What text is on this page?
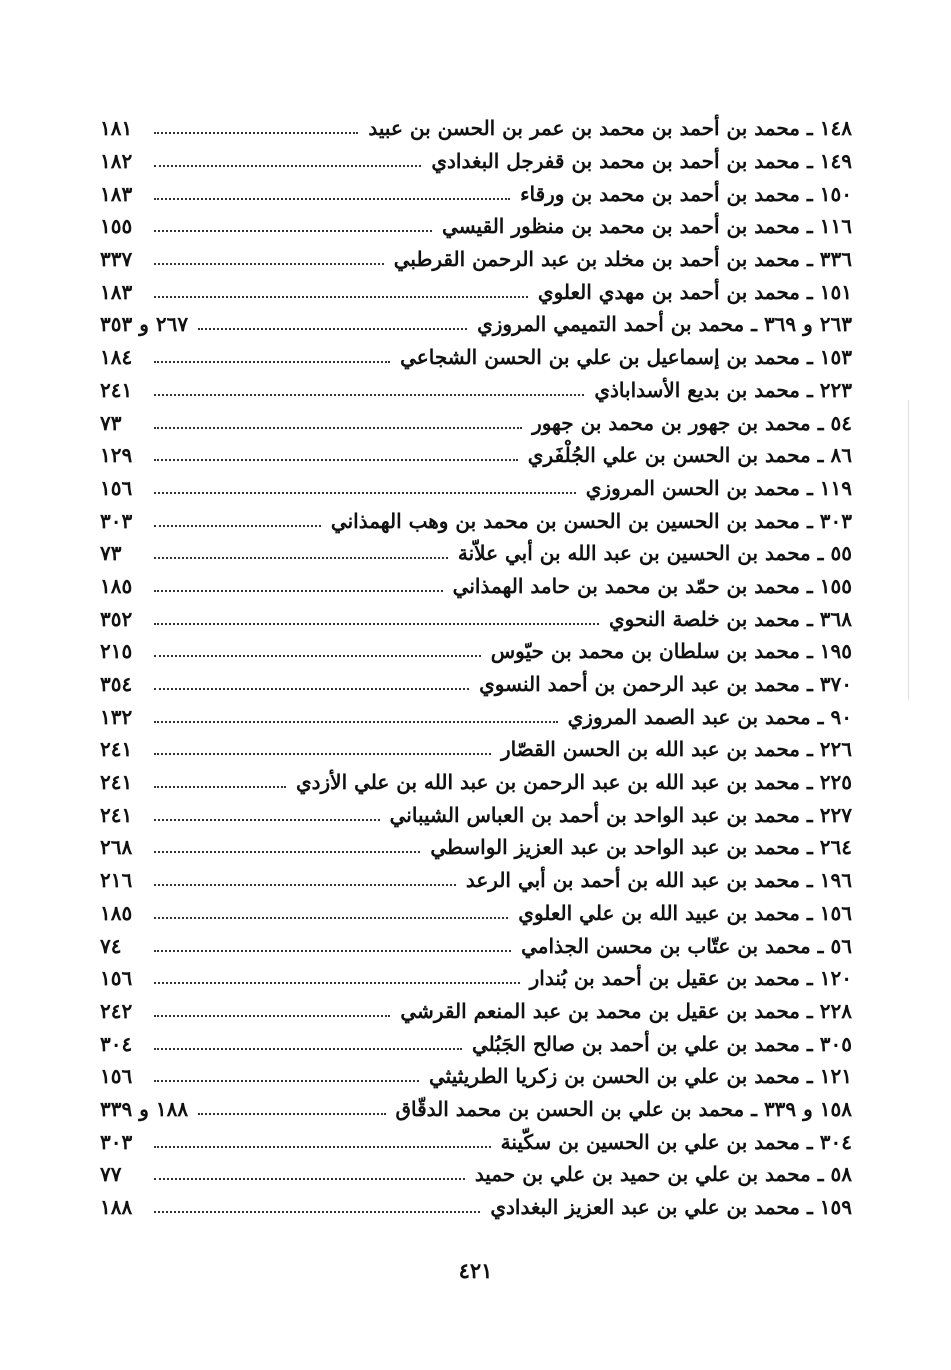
١٤٨ ـ محمد بن أحمد بن محمد بن عمر بن الحسن بن عبيد
١٨١
١٤٩ ـ محمد بن أحمد بن محمد بن قفرجل البغدادي
١٨٢
١٥٠ ـ محمد بن أحمد بن محمد بن ورقاء
١٨٣
١١٦ ـ محمد بن أحمد بن محمد بن منظور القيسي
١٥٥
٣٣٦ ـ محمد بن أحمد بن مخلد بن عبد الرحمن القرطبي
٣٣٧
١٥١ ـ محمد بن أحمد بن مهدي العلوي
١٨٣
٢٦٣ و ٣٦٩ ـ محمد بن أحمد التميمي المروزي
٢٦٧ و ٣٥٣
١٥٣ ـ محمد بن إسماعيل بن علي بن الحسن الشجاعي
١٨٤
٢٢٣ ـ محمد بن بديع الأسداباذي
٢٤١
٥٤ ـ محمد بن جهور بن محمد بن جهور
٧٣
٨٦ ـ محمد بن الحسن بن علي الجُلْفَري
١٢٩
١١٩ ـ محمد بن الحسن المروزي
١٥٦
٣٠٣ ـ محمد بن الحسين بن الحسن بن محمد بن وهب الهمذاني
٣٠٣
٥٥ ـ محمد بن الحسين بن عبد الله بن أبي علاّنة
٧٣
١٥٥ ـ محمد بن حمّد بن محمد بن حامد الهمذاني
١٨٥
٣٦٨ ـ محمد بن خلصة النحوي
٣٥٢
١٩٥ ـ محمد بن سلطان بن محمد بن حيّوس
٢١٥
٣٧٠ ـ محمد بن عبد الرحمن بن أحمد النسوي
٣٥٤
٩٠ ـ محمد بن عبد الصمد المروزي
١٣٢
٢٢٦ ـ محمد بن عبد الله بن الحسن القصّار
٢٤١
٢٢٥ ـ محمد بن عبد الله بن عبد الرحمن بن عبد الله بن علي الأزدي
٢٤١
٢٢٧ ـ محمد بن عبد الواحد بن أحمد بن العباس الشيباني
٢٤١
٢٦٤ ـ محمد بن عبد الواحد بن عبد العزيز الواسطي
٢٦٨
١٩٦ ـ محمد بن عبد الله بن أحمد بن أبي الرعد
٢١٦
١٥٦ ـ محمد بن عبيد الله بن علي العلوي
١٨٥
٥٦ ـ محمد بن عتّاب بن محسن الجذامي
٧٤
١٢٠ ـ محمد بن عقيل بن أحمد بن بُندار
١٥٦
٢٢٨ ـ محمد بن عقيل بن محمد بن عبد المنعم القرشي
٢٤٢
٣٠٥ ـ محمد بن علي بن أحمد بن صالح الجَبُلي
٣٠٤
١٢١ ـ محمد بن علي بن الحسن بن زكريا الطريثيثي
١٥٦
١٥٨ و ٣٣٩ ـ محمد بن علي بن الحسن بن محمد الدقّاق
١٨٨ و ٣٣٩
٣٠٤ ـ محمد بن علي بن الحسين بن سكّينة
٣٠٣
٥٨ ـ محمد بن علي بن حميد بن علي بن حميد
٧٧
١٥٩ ـ محمد بن علي بن عبد العزيز البغدادي
١٨٨
٤٢١
